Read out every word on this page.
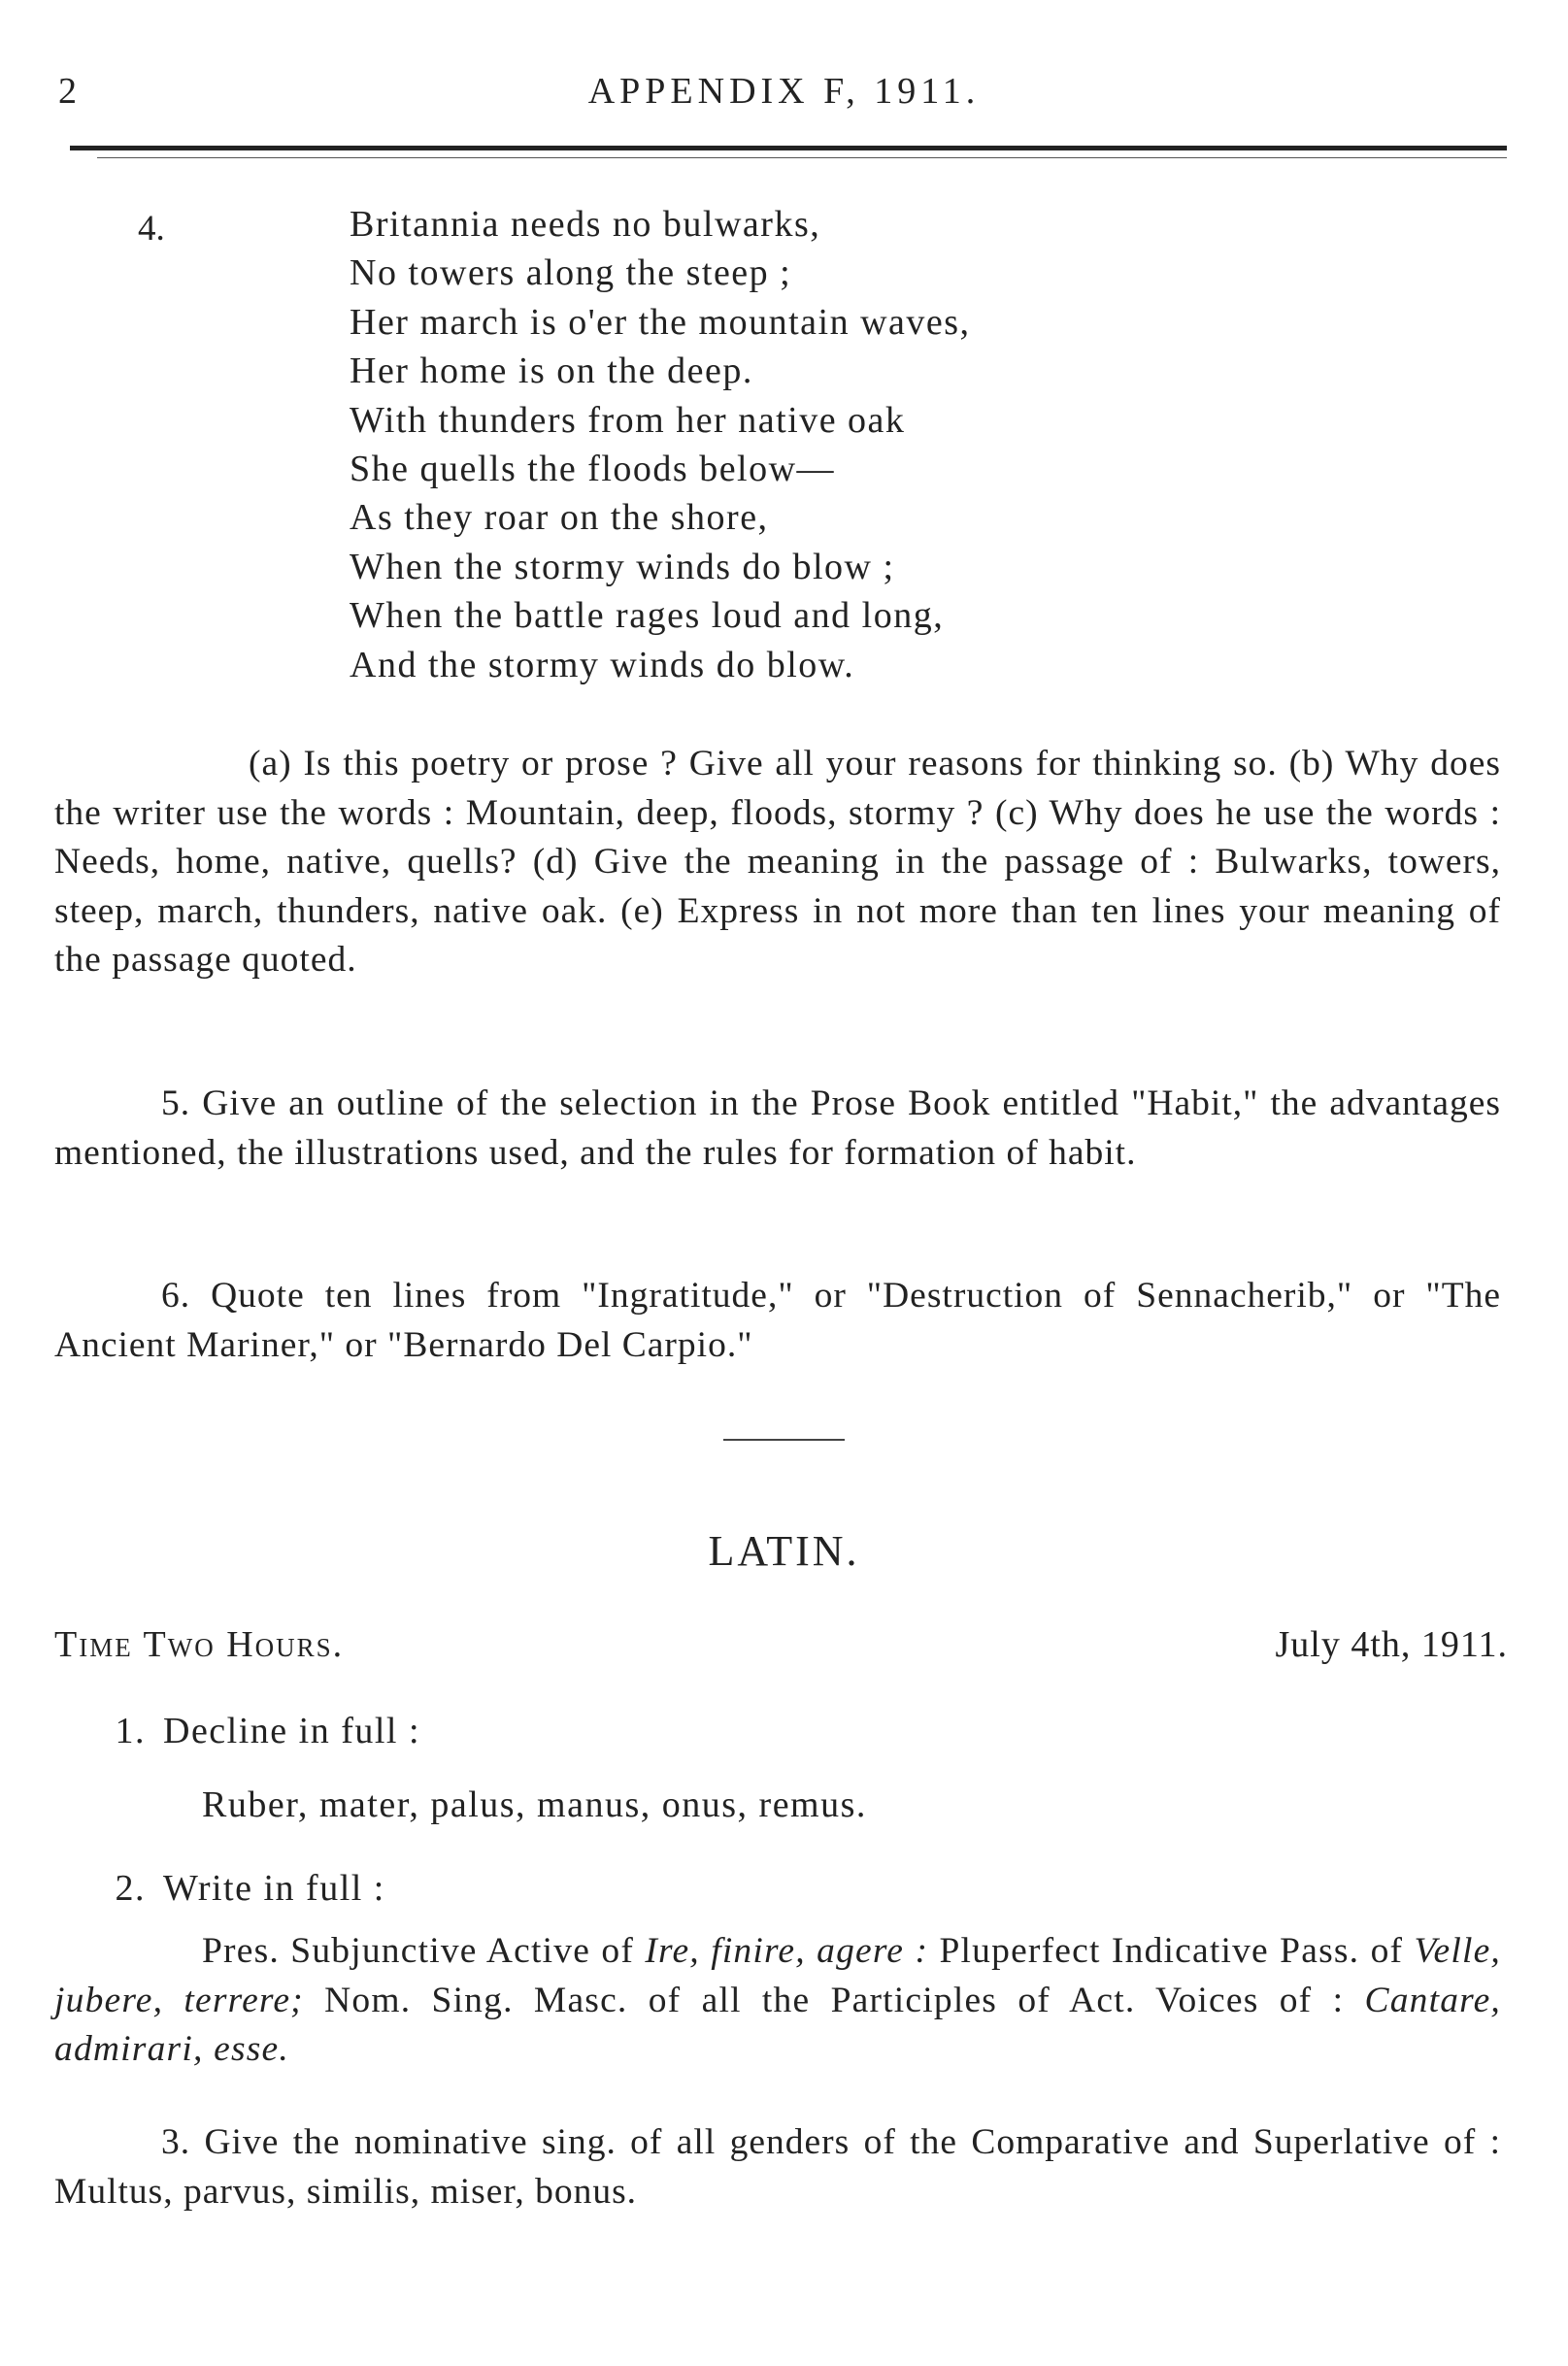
2	APPENDIX F, 1911.
4.	Britannia needs no bulwarks,
No towers along the steep ;
Her march is o'er the mountain waves,
Her home is on the deep.
With thunders from her native oak
She quells the floods below—
As they roar on the shore,
When the stormy winds do blow ;
When the battle rages loud and long,
And the stormy winds do blow.
(a) Is this poetry or prose ? Give all your reasons for thinking so. (b) Why does the writer use the words : Mountain, deep, floods, stormy ? (c) Why does he use the words : Needs, home, native, quells? (d) Give the meaning in the passage of : Bulwarks, towers, steep, march, thunders, native oak. (e) Express in not more than ten lines your meaning of the passage quoted.
5. Give an outline of the selection in the Prose Book entitled "Habit," the advantages mentioned, the illustrations used, and the rules for formation of habit.
6. Quote ten lines from "Ingratitude," or "Destruction of Sennacherib," or "The Ancient Mariner," or "Bernardo Del Carpio."
LATIN.
Time Two Hours.	July 4th, 1911.
1. Decline in full :
Ruber, mater, palus, manus, onus, remus.
2. Write in full :
Pres. Subjunctive Active of Ire, finire, agere : Pluperfect Indicative Pass. of Velle, jubere, terrere; Nom. Sing. Masc. of all the Participles of Act. Voices of : Cantare, admirari, esse.
3. Give the nominative sing. of all genders of the Comparative and Superlative of : Multus, parvus, similis, miser, bonus.
